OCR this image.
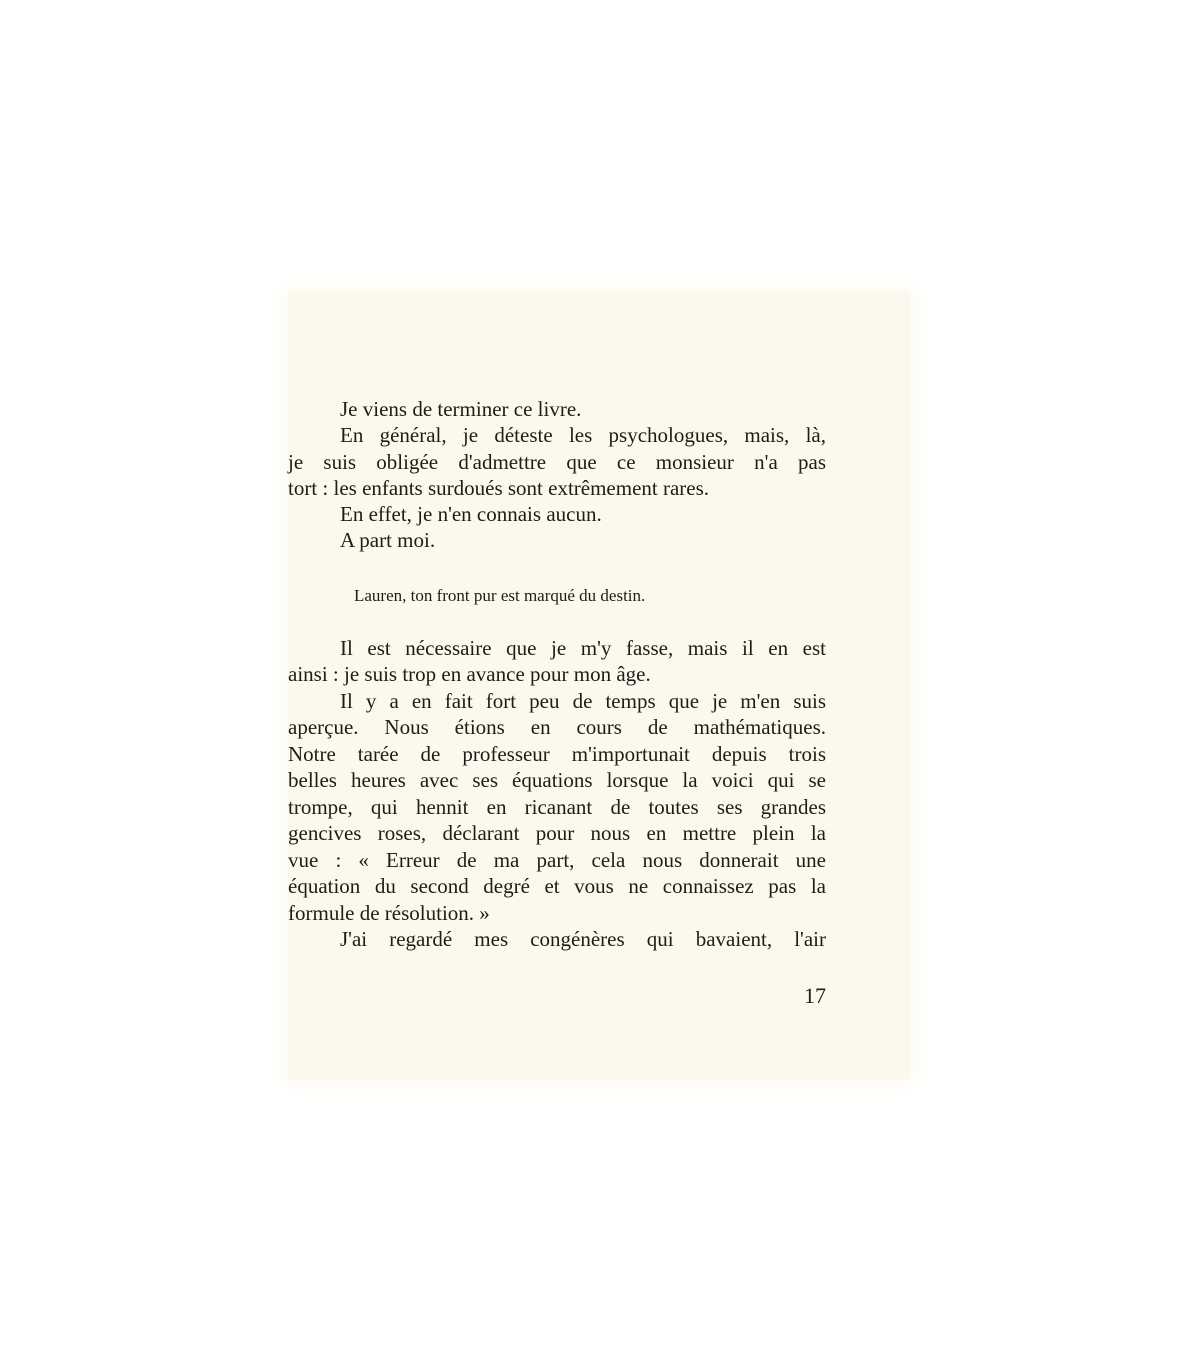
Je viens de terminer ce livre.
En général, je déteste les psychologues, mais, là,
je suis obligée d'admettre que ce monsieur n'a pas
tort : les enfants surdoués sont extrêmement rares.
En effet, je n'en connais aucun.
A part moi.
Lauren, ton front pur est marqué du destin.
Il est nécessaire que je m'y fasse, mais il en est
ainsi : je suis trop en avance pour mon âge.
Il y a en fait fort peu de temps que je m'en suis
aperçue. Nous étions en cours de mathématiques.
Notre tarée de professeur m'importunait depuis trois
belles heures avec ses équations lorsque la voici qui se
trompe, qui hennit en ricanant de toutes ses grandes
gencives roses, déclarant pour nous en mettre plein la
vue : « Erreur de ma part, cela nous donnerait une
équation du second degré et vous ne connaissez pas la
formule de résolution. »
J'ai regardé mes congénères qui bavaient, l'air
17
